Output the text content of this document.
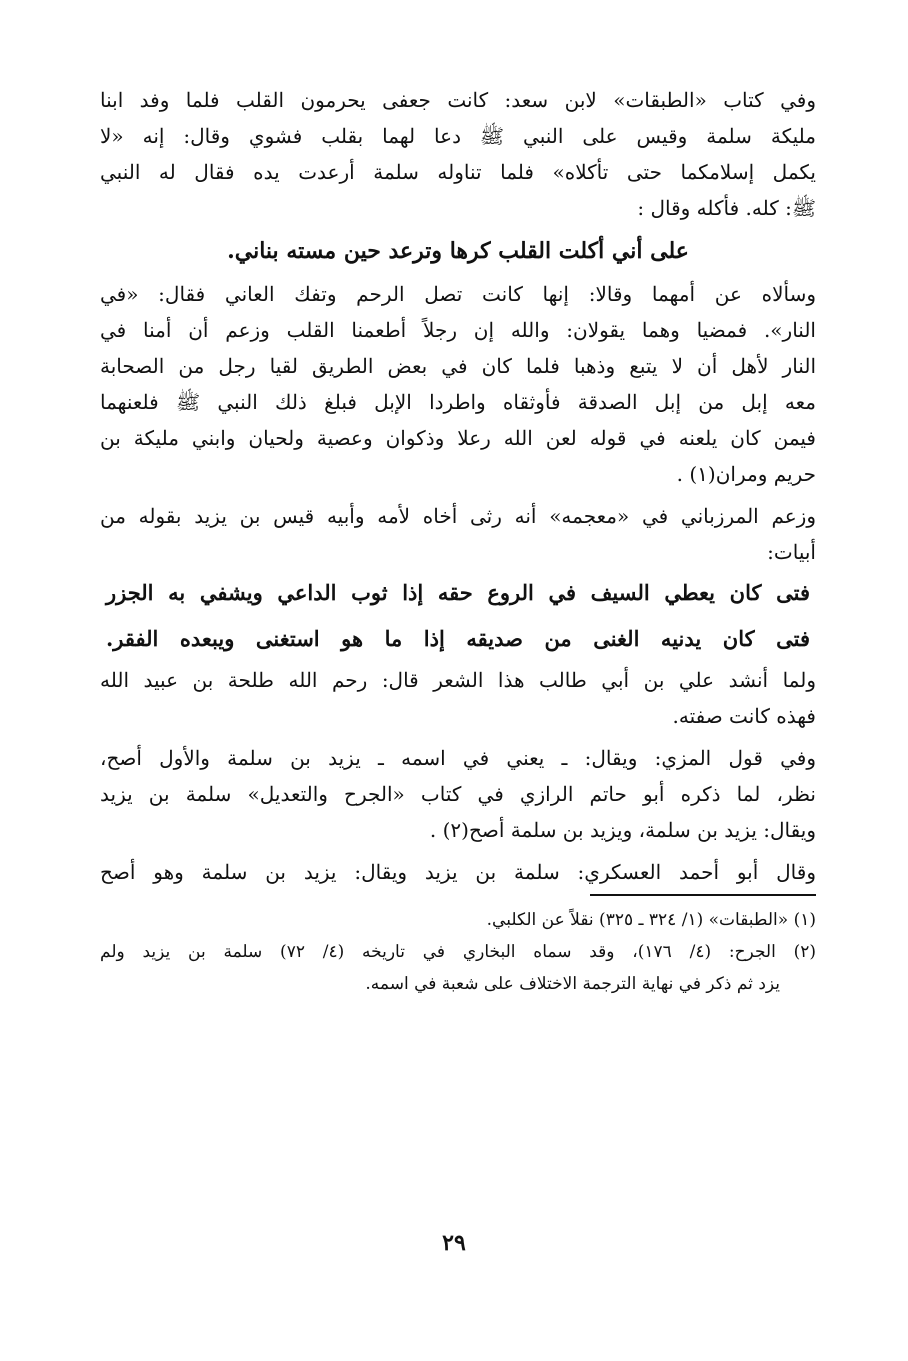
وفي كتاب «الطبقات» لابن سعد: كانت جعفى يحرمون القلب فلما وفد ابنا
مليكة سلمة وقيس على النبي ﷺ دعا لهما بقلب فشوي وقال: إنه «لا
يكمل إسلامكما حتى تأكلاه» فلما تناوله سلمة أرعدت يده فقال له النبي
ﷺ: كله. فأكله وقال :
على أني أكلت القلب كرها وترعد حين مسته بناني.
وسألاه عن أمهما وقالا: إنها كانت تصل الرحم وتفك العاني فقال: «في
النار». فمضيا وهما يقولان: والله إن رجلاً أطعمنا القلب وزعم أن أمنا في
النار لأهل أن لا يتبع وذهبا فلما كان في بعض الطريق لقيا رجل من الصحابة
معه إبل من إبل الصدقة فأوثقاه واطردا الإبل فبلغ ذلك النبي ﷺ فلعنهما
فيمن كان يلعنه في قوله لعن الله رعلا وذكوان وعصية ولحيان وابني مليكة بن
حريم ومران(١) .
وزعم المرزباني في «معجمه» أنه رثى أخاه لأمه وأبيه قيس بن يزيد بقوله من
أبيات:
فتى كان يعطي السيف في الروع حقه إذا ثوب الداعي ويشفي به الجزر
فتى كان يدنيه الغنى من صديقه إذا ما هو استغنى ويبعده الفقر.
ولما أنشد علي بن أبي طالب هذا الشعر قال: رحم الله طلحة بن عبيد الله
فهذه كانت صفته.
وفي قول المزي: ويقال: ـ يعني في اسمه ـ يزيد بن سلمة والأول أصح،
نظر، لما ذكره أبو حاتم الرازي في كتاب «الجرح والتعديل» سلمة بن يزيد
ويقال: يزيد بن سلمة، ويزيد بن سلمة أصح(٢) .
وقال أبو أحمد العسكري: سلمة بن يزيد ويقال: يزيد بن سلمة وهو أصح
(١) «الطبقات» (١/ ٣٢٤ ـ ٣٢٥) نقلاً عن الكلبي.
(٢) الجرح: (٤/ ١٧٦)، وقد سماه البخاري في تاريخه (٤/ ٧٢) سلمة بن يزيد ولم
يزد ثم ذكر في نهاية الترجمة الاختلاف على شعبة في اسمه.
٢٩
